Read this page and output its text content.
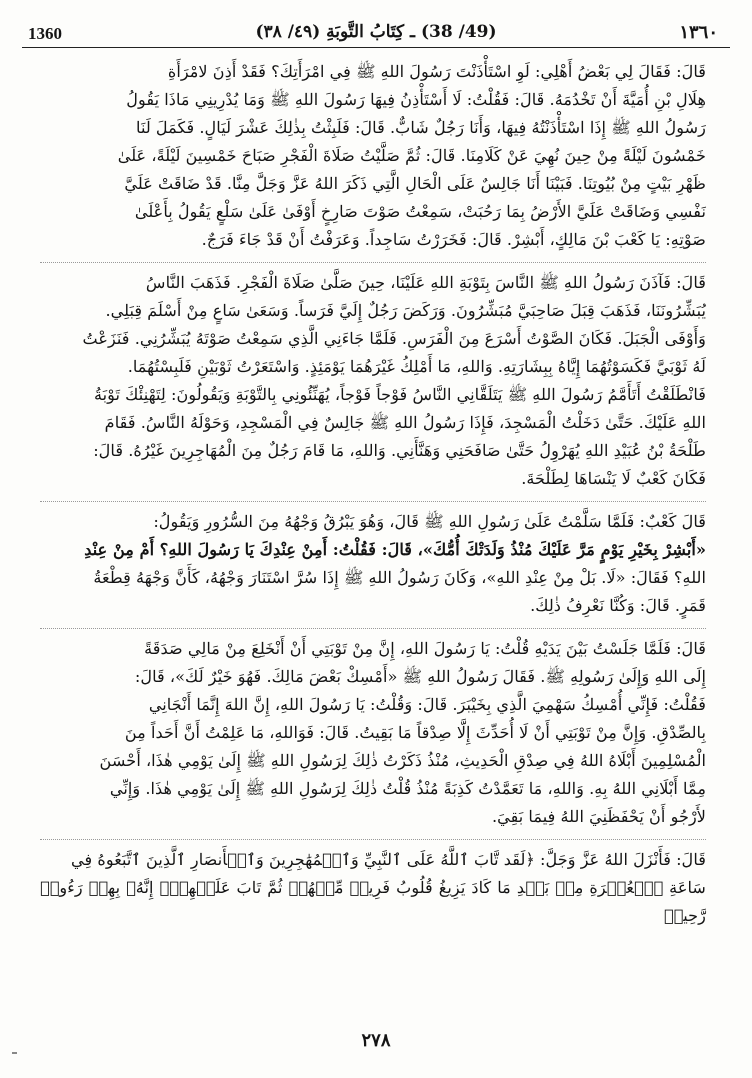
1360	(49/ 38) ـ كِتَابُ التَّوبَةِ (٤٩/ ٣٨)	١٣٦٠
قَالَ: فَقَالَ لِي بَعْضُ أَهْلِي: لَوِ اسْتَأْذَنْتَ رَسُولَ اللهِ ﷺ فِي امْرَأَتِكَ؟ فَقَدْ أَذِنَ لامْرَأَةِ
هِلَالِ بْنِ أُمَيَّةَ أَنْ تَخْدُمَهُ. قَالَ: فَقُلْتُ: لَا أَسْتَأْذِنُ فِيهَا رَسُولَ اللهِ ﷺ وَمَا يُدْرِينِي مَاذَا يَقُولُ
رَسُولُ اللهِ ﷺ إِذَا اسْتَأْذَنْتُهُ فِيهَا، وَأَنَا رَجُلٌ شَابٌّ. قَالَ: فَلَبِثْتُ بِذٰلِكَ عَشْرَ لَيَالٍ. فَكَمَلَ لَنَا
خَمْسُونَ لَيْلَةً مِنْ حِينَ نُهِيَ عَنْ كَلَامِنَا. قَالَ: ثُمَّ صَلَّيْتُ صَلَاةَ الْفَجْرِ صَبَاحَ خَمْسِينَ لَيْلَةً، عَلَىٰ
ظَهْرِ بَيْتٍ مِنْ بُيُوتِنَا. فَبَيْنَا أَنَا جَالِسٌ عَلَى الْحَالِ الَّتِي ذَكَرَ اللهُ عَزَّ وَجَلَّ مِنَّا. قَدْ ضَاقَتْ عَلَيَّ
نَفْسِي وَضَاقَتْ عَلَيَّ الأَرْضُ بِمَا رَحُبَتْ، سَمِعْتُ صَوْتَ صَارِخٍ أَوْفَىٰ عَلَىٰ سَلْعٍ يَقُولُ بِأَعْلَىٰ
صَوْتِهِ: يَا كَعْبَ بْنَ مَالِكٍ، أَبْشِرْ. قَالَ: فَخَرَرْتُ سَاجِداً. وَعَرَفْتُ أَنْ قَدْ جَاءَ فَرَجٌ.
قَالَ: فَآذَنَ رَسُولُ اللهِ ﷺ النَّاسَ بِتَوْبَةِ اللهِ عَلَيْنَا، حِينَ صَلَّىٰ صَلَاةَ الْفَجْرِ. فَذَهَبَ النَّاسُ
يُبَشِّرُونَنَا، فَذَهَبَ قِبَلَ صَاحِبَيَّ مُبَشِّرُونَ. وَرَكَضَ رَجُلٌ إِلَيَّ فَرَساً. وَسَعَىٰ سَاعٍ مِنْ أَسْلَمَ قِبَلِي.
وَأَوْفَى الْجَبَلَ. فَكَانَ الصَّوْتُ أَسْرَعَ مِنَ الْفَرَسِ. فَلَمَّا جَاءَنِي الَّذِي سَمِعْتُ صَوْتَهُ يُبَشِّرُنِي. فَنَزَعْتُ
لَهُ ثَوْبَيَّ فَكَسَوْتُهُمَا إِيَّاهُ بِبِشَارَتِهِ. وَاللهِ، مَا أَمْلِكُ غَيْرَهُمَا يَوْمَئِذٍ. وَاسْتَعَرْتُ ثَوْبَيْنِ فَلَبِسْتُهُمَا.
فَانْطَلَقْتُ أَتَأَمَّمُ رَسُولَ اللهِ ﷺ يَتَلَقَّانِي النَّاسُ فَوْجاً فَوْجاً، يُهَنِّئُونِي بِالتَّوْبَةِ وَيَقُولُونَ: لِتَهْنِئْكَ تَوْبَةُ
اللهِ عَلَيْكَ. حَتَّىٰ دَخَلْتُ الْمَسْجِدَ، فَإِذَا رَسُولُ اللهِ ﷺ جَالِسٌ فِي الْمَسْجِدِ، وَحَوْلَهُ النَّاسُ. فَقَامَ
طَلْحَةُ بْنُ عُبَيْدِ اللهِ يُهَرْوِلُ حَتَّىٰ صَافَحَنِي وَهَنَّأَنِي. وَاللهِ، مَا قَامَ رَجُلٌ مِنَ الْمُهَاجِرِينَ غَيْرُهُ. قَالَ:
فَكَانَ كَعْبٌ لَا يَنْسَاهَا لِطَلْحَةَ.
قَالَ كَعْبٌ: فَلَمَّا سَلَّمْتُ عَلَىٰ رَسُولِ اللهِ ﷺ قَالَ، وَهُوَ يَبْرُقُ وَجْهُهُ مِنَ السُّرُورِ وَيَقُولُ:
«أَبْشِرْ بِخَيْرِ يَوْمٍ مَرَّ عَلَيْكَ مُنْذُ وَلَدَتْكَ أُمُّكَ»، قَالَ: فَقُلْتُ: أَمِنْ عِنْدِكَ يَا رَسُولَ اللهِ؟ أَمْ مِنْ عِنْدِ
اللهِ؟ فَقَالَ: «لَا. بَلْ مِنْ عِنْدِ اللهِ»، وَكَانَ رَسُولُ اللهِ ﷺ إِذَا سُرَّ اسْتَنَارَ وَجْهُهُ، كَأَنَّ وَجْهَهُ قِطْعَةُ
قَمَرٍ. قَالَ: وَكُنَّا نَعْرِفُ ذٰلِكَ.
قَالَ: فَلَمَّا جَلَسْتُ بَيْنَ يَدَيْهِ قُلْتُ: يَا رَسُولَ اللهِ، إِنَّ مِنْ تَوْبَتِي أَنْ أَنْخَلِعَ مِنْ مَالِي صَدَقَةً
إِلَى اللهِ وَإِلَىٰ رَسُولِهِ ﷺ. فَقَالَ رَسُولُ اللهِ ﷺ «أَمْسِكْ بَعْضَ مَالِكَ. فَهُوَ خَيْرٌ لَكَ»، قَالَ:
فَقُلْتُ: فَإِنِّي أُمْسِكُ سَهْمِيَ الَّذِي بِخَيْبَرَ. قَالَ: وَقُلْتُ: يَا رَسُولَ اللهِ، إِنَّ اللهَ إِنَّمَا أَنْجَانِي
بِالصِّدْقِ. وَإِنَّ مِنْ تَوْبَتِي أَنْ لَا أُحَدِّثَ إِلَّا صِدْقاً مَا بَقِيتُ. قَالَ: فَوَاللهِ، مَا عَلِمْتُ أَنَّ أَحَداً مِنَ
الْمُسْلِمِينَ أَبْلَاهُ اللهُ فِي صِدْقِ الْحَدِيثِ، مُنْذُ ذَكَرْتُ ذٰلِكَ لِرَسُولِ اللهِ ﷺ إِلَىٰ يَوْمِي هٰذَا، أَحْسَنَ
مِمَّا أَبْلَانِي اللهُ بِهِ. وَاللهِ، مَا تَعَمَّدْتُ كَذِبَةً مُنْذُ قُلْتُ ذٰلِكَ لِرَسُولِ اللهِ ﷺ إِلَىٰ يَوْمِي هٰذَا. وَإِنِّي
لأَرْجُو أَنْ يَحْفَظَنِيَ اللهُ فِيمَا بَقِيَ.
قَالَ: فَأَنْزَلَ اللهُ عَزَّ وَجَلَّ: ﴿لَقَد تَّابَ ٱللَّهُ عَلَى ٱلنَّبِيِّ وَٱلۡمُهَٰجِرِينَ وَٱلۡأَنصَارِ ٱلَّذِينَ ٱتَّبَعُوهُ فِي
سَاعَةِ ٱلۡعُسۡرَةِ مِنۢ بَعۡدِ مَا كَادَ يَزِيغُ قُلُوبُ فَرِيقٖ مِّنۡهُمۡ ثُمَّ تَابَ عَلَيۡهِمۡۚ إِنَّهُۥ بِهِمۡ رَءُوفٞ رَّحِيمٞ
٢٧٨
